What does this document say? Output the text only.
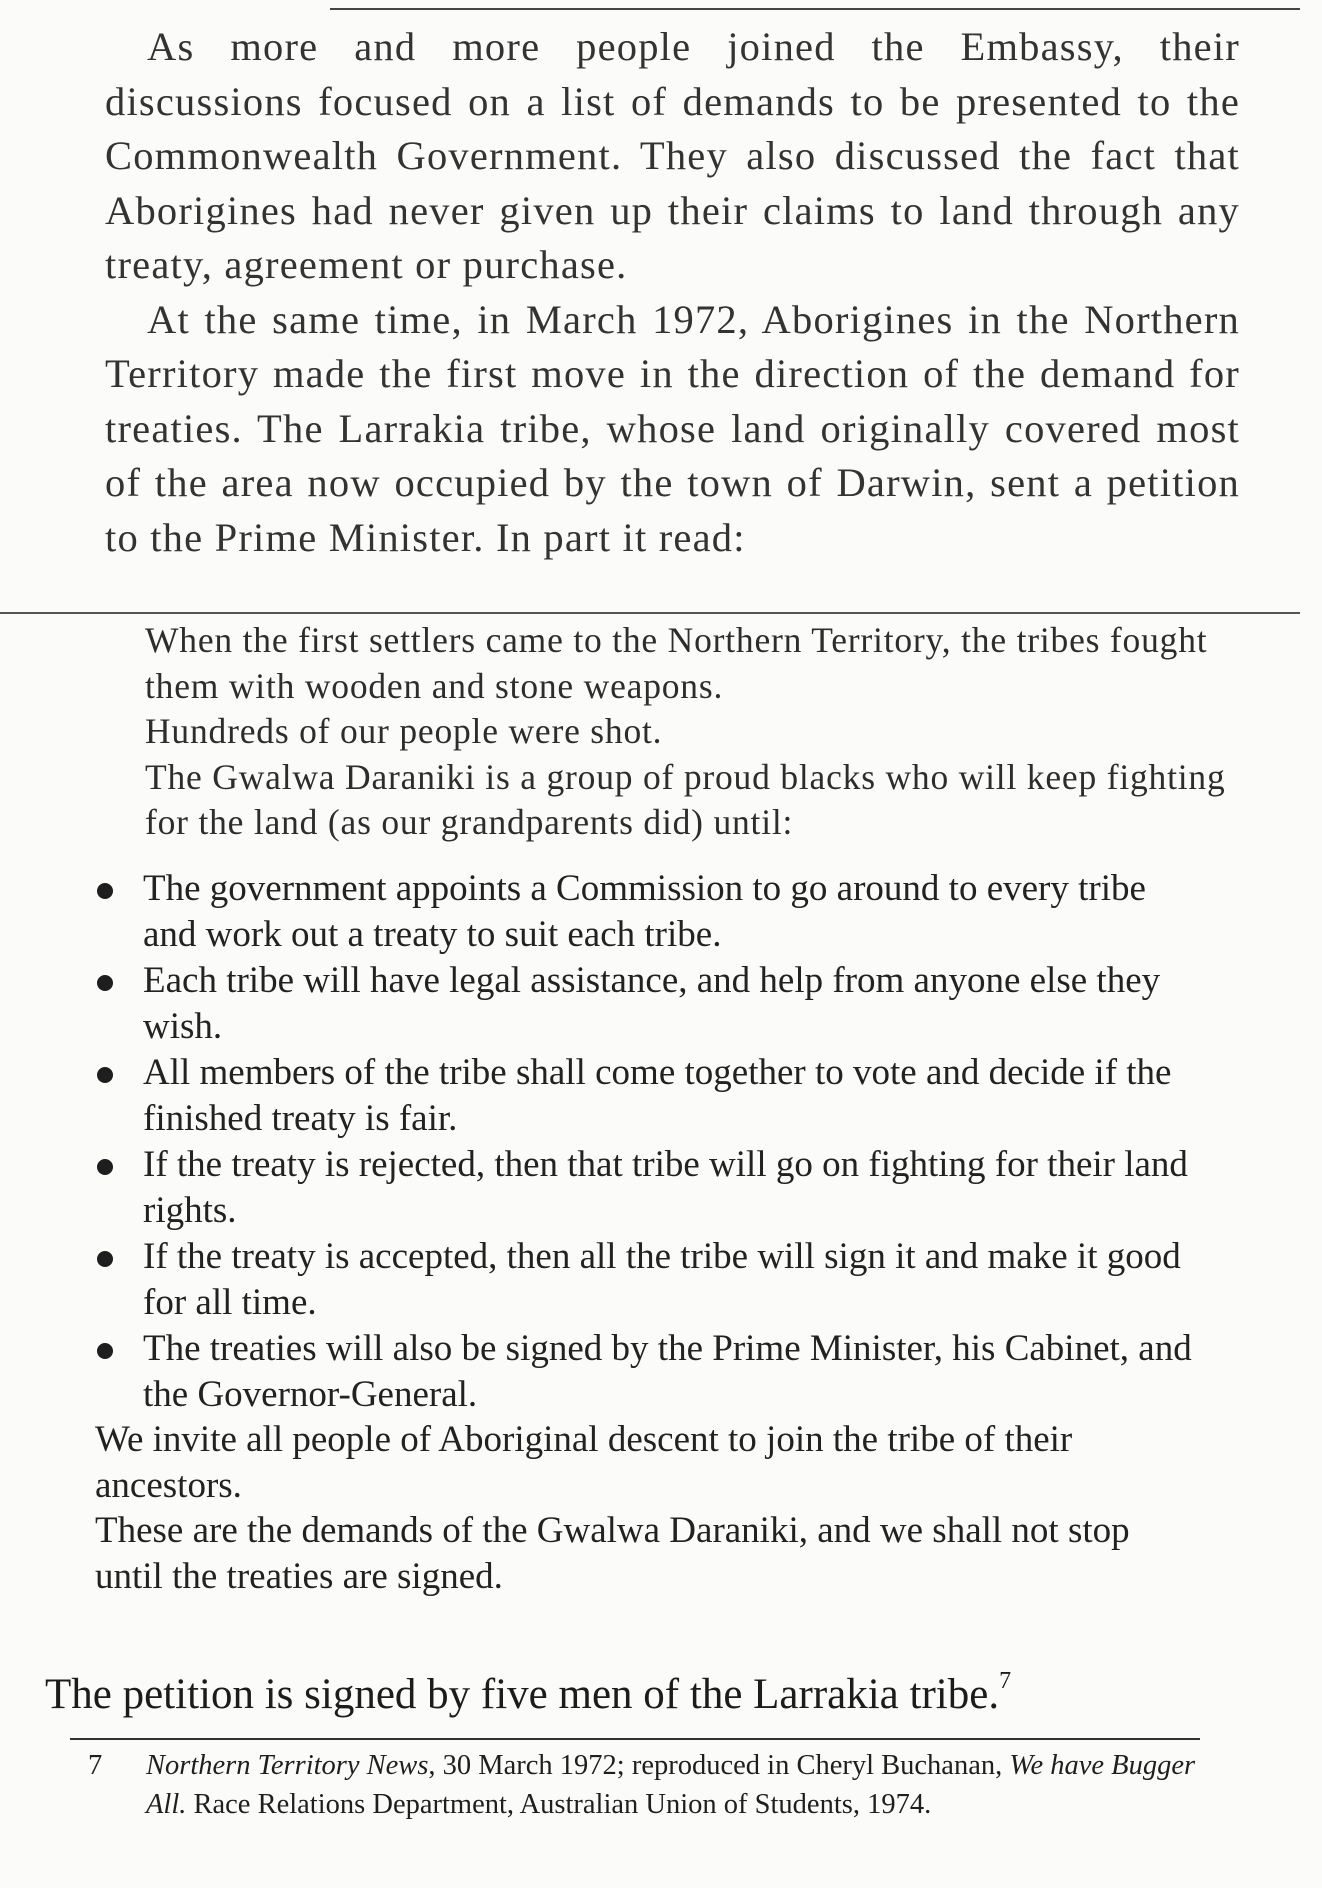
As more and more people joined the Embassy, their discussions focused on a list of demands to be presented to the Commonwealth Government. They also discussed the fact that Aborigines had never given up their claims to land through any treaty, agreement or purchase.

At the same time, in March 1972, Aborigines in the Northern Territory made the first move in the direction of the demand for treaties. The Larrakia tribe, whose land originally covered most of the area now occupied by the town of Darwin, sent a petition to the Prime Minister. In part it read:

When the first settlers came to the Northern Territory, the tribes fought them with wooden and stone weapons.

Hundreds of our people were shot.

The Gwalwa Daraniki is a group of proud blacks who will keep fighting for the land (as our grandparents did) until:

The government appoints a Commission to go around to every tribe and work out a treaty to suit each tribe.
Each tribe will have legal assistance, and help from anyone else they wish.
All members of the tribe shall come together to vote and decide if the finished treaty is fair.
If the treaty is rejected, then that tribe will go on fighting for their land rights.
If the treaty is accepted, then all the tribe will sign it and make it good for all time.
The treaties will also be signed by the Prime Minister, his Cabinet, and the Governor-General.

We invite all people of Aboriginal descent to join the tribe of their ancestors.

These are the demands of the Gwalwa Daraniki, and we shall not stop until the treaties are signed.

The petition is signed by five men of the Larrakia tribe.$^7$
7 Northern Territory News, 30 March 1972; reproduced in Cheryl Buchanan, We have Bugger All. Race Relations Department, Australian Union of Students, 1974.
